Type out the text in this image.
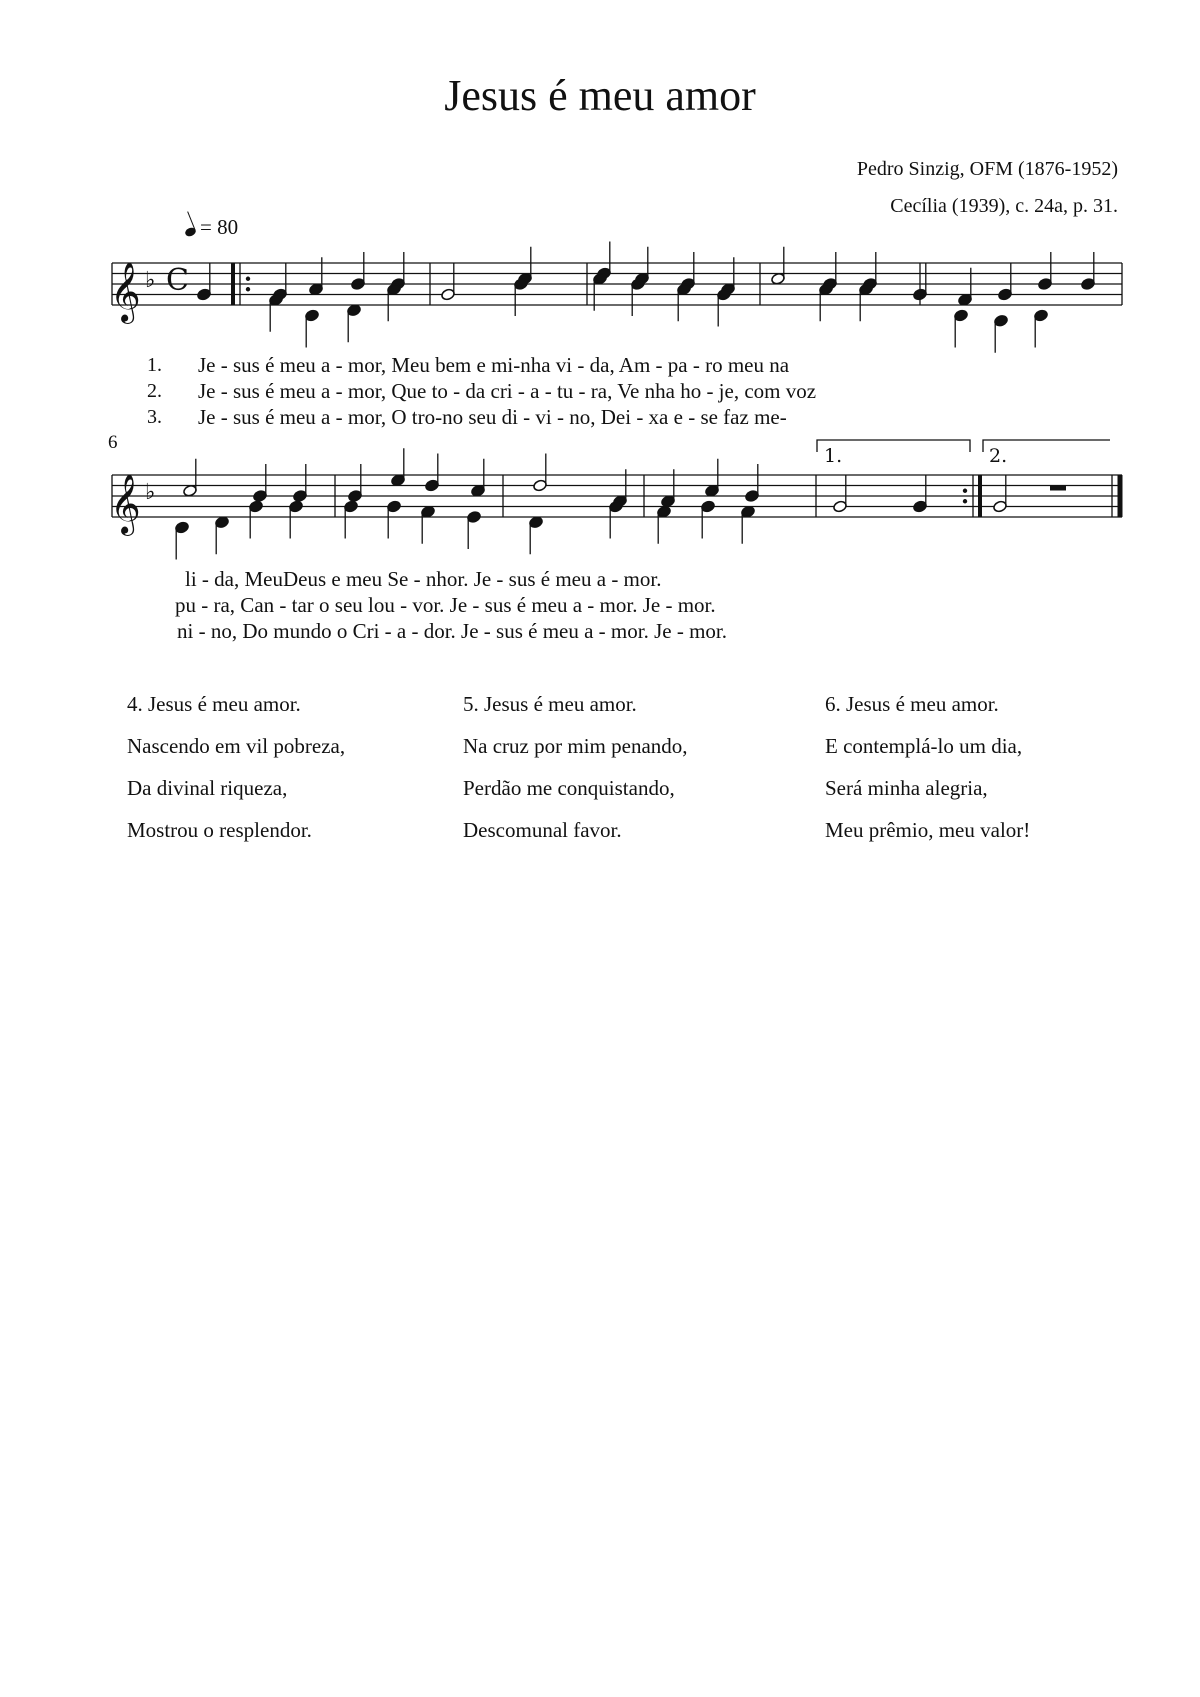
Jesus é meu amor
Pedro Sinzig, OFM (1876-1952)
Cecília (1939), c. 24a, p. 31.
= 80
6
𝄞 ♭ C
𝄞 ♭
1.	2.
1.
2.
3.
Je - sus é meu a - mor, Meu bem e mi-nha vi - da, Am - pa - ro meu na
Je - sus é meu a - mor, Que to - da cri - a - tu - ra, Ve nha ho - je, com voz
Je - sus é meu a - mor, O tro-no seu di - vi - no, Dei - xa e - se faz me-
li - da, MeuDeus e meu Se - nhor. Je - sus é meu a - mor.
pu - ra, Can - tar o seu lou - vor. Je - sus é meu a - mor. Je - mor.
ni - no, Do mundo o Cri - a - dor. Je - sus é meu a - mor. Je - mor.
4. Jesus é meu amor.
Nascendo em vil pobreza,
Da divinal riqueza,
Mostrou o resplendor.
5. Jesus é meu amor.
Na cruz por mim penando,
Perdão me conquistando,
Descomunal favor.
6. Jesus é meu amor.
E contemplá-lo um dia,
Será minha alegria,
Meu prêmio, meu valor!
